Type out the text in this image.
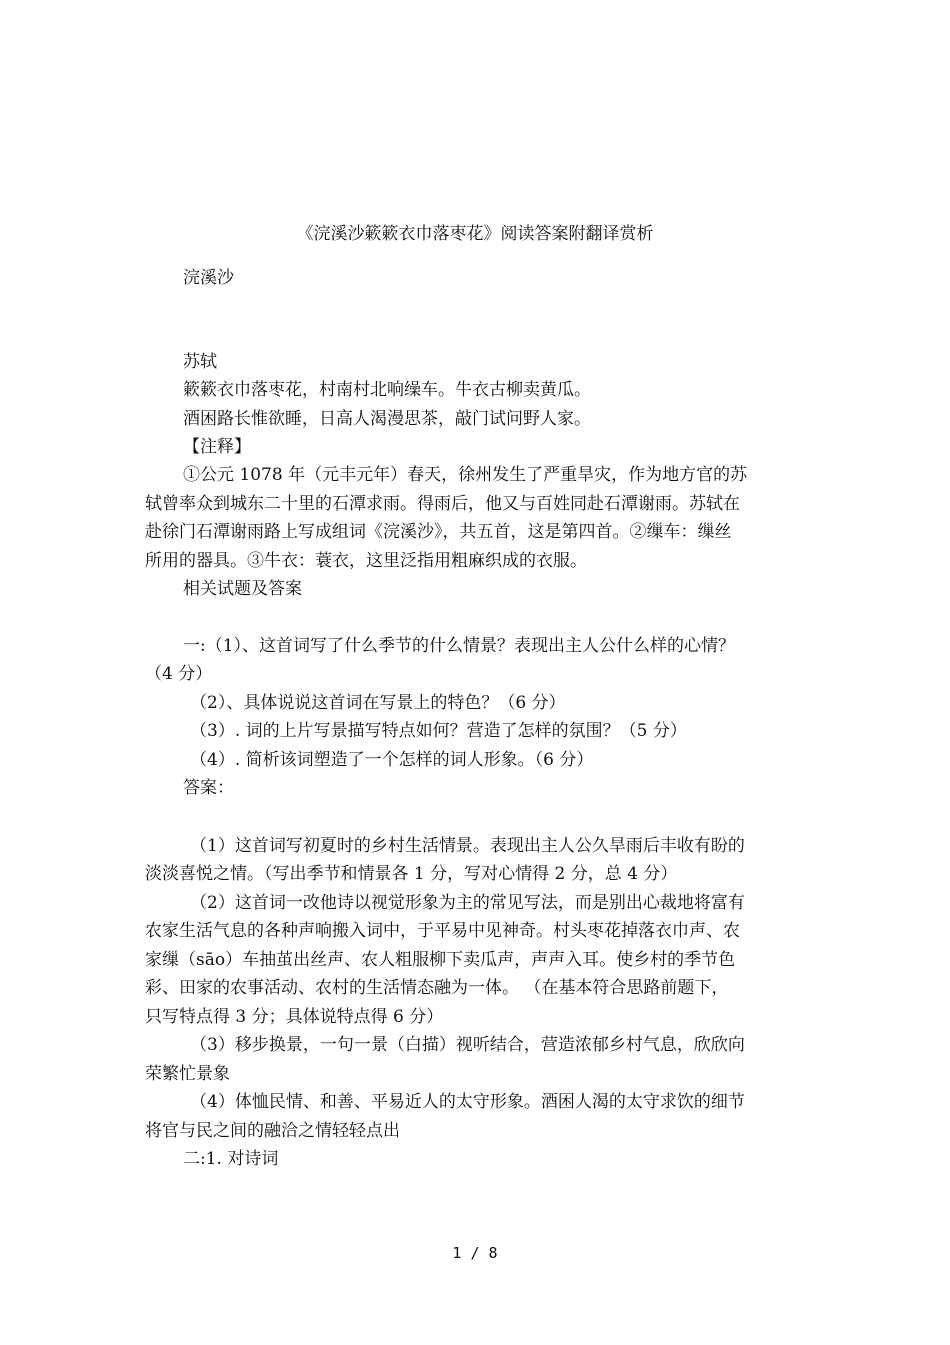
《浣溪沙簌簌衣巾落枣花》阅读答案附翻译赏析
浣溪沙
苏轼
簌簌衣巾落枣花，村南村北响缲车。牛衣古柳卖黄瓜。
酒困路长惟欲睡，日高人渴漫思茶，敲门试问野人家。
【注释】
①公元 1078 年（元丰元年）春天，徐州发生了严重旱灾，作为地方官的苏
轼曾率众到城东二十里的石潭求雨。得雨后，他又与百姓同赴石潭谢雨。苏轼在
赴徐门石潭谢雨路上写成组词《浣溪沙》，共五首，这是第四首。②缫车：缫丝
所用的器具。③牛衣：蓑衣，这里泛指用粗麻织成的衣服。
相关试题及答案
一:（1）、这首词写了什么季节的什么情景？表现出主人公什么样的心情？
（4 分）
（2）、具体说说这首词在写景上的特色？（6 分）
（3）. 词的上片写景描写特点如何？营造了怎样的氛围？（5 分）
（4）. 简析该词塑造了一个怎样的词人形象。（6 分）
答案：
（1）这首词写初夏时的乡村生活情景。表现出主人公久旱雨后丰收有盼的
淡淡喜悦之情。（写出季节和情景各 1 分，写对心情得 2 分，总 4 分）
（2）这首词一改他诗以视觉形象为主的常见写法，而是别出心裁地将富有
农家生活气息的各种声响搬入词中，于平易中见神奇。村头枣花掉落衣巾声、农
家缫（sāo）车抽茧出丝声、农人粗服柳下卖瓜声，声声入耳。使乡村的季节色
彩、田家的农事活动、农村的生活情态融为一体。 （在基本符合思路前题下，
只写特点得 3 分；具体说特点得 6 分）
（3）移步换景，一句一景（白描）视听结合，营造浓郁乡村气息，欣欣向
荣繁忙景象
（4）体恤民情、和善、平易近人的太守形象。酒困人渴的太守求饮的细节
将官与民之间的融洽之情轻轻点出
二:1. 对诗词
1 / 8
